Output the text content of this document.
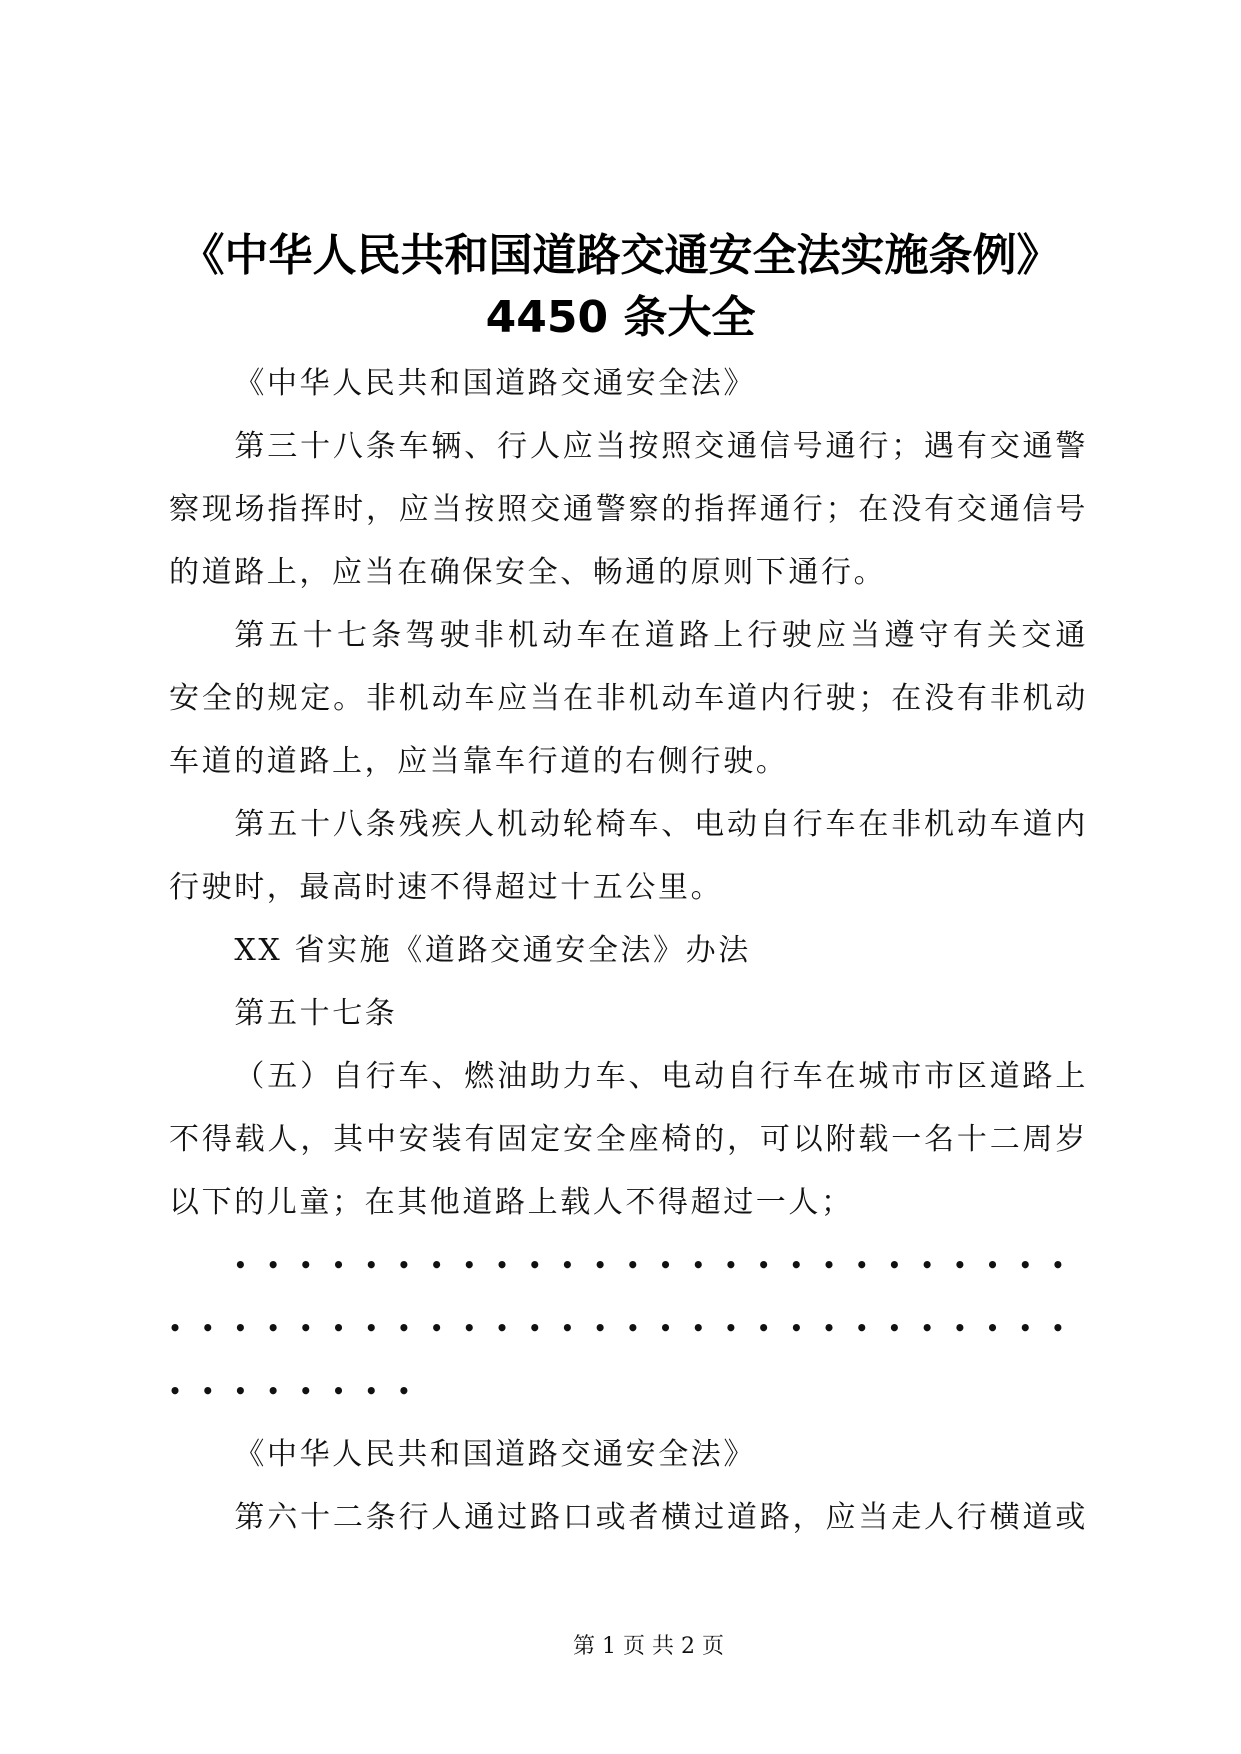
《中华人民共和国道路交通安全法实施条例》
4450 条大全

《中华人民共和国道路交通安全法》

第三十八条车辆、行人应当按照交通信号通行；遇有交通警
察现场指挥时，应当按照交通警察的指挥通行；在没有交通信号
的道路上，应当在确保安全、畅通的原则下通行。

第五十七条驾驶非机动车在道路上行驶应当遵守有关交通
安全的规定。非机动车应当在非机动车道内行驶；在没有非机动
车道的道路上，应当靠车行道的右侧行驶。

第五十八条残疾人机动轮椅车、电动自行车在非机动车道内
行驶时，最高时速不得超过十五公里。

XX 省实施《道路交通安全法》办法

第五十七条

（五）自行车、燃油助力车、电动自行车在城市市区道路上
不得载人，其中安装有固定安全座椅的，可以附载一名十二周岁
以下的儿童；在其他道路上载人不得超过一人；

••••••••••••••••••••••••••
••••••••••••••••••••••••••••
••••••••

《中华人民共和国道路交通安全法》

第六十二条行人通过路口或者横过道路，应当走人行横道或

第 1 页 共 2 页
